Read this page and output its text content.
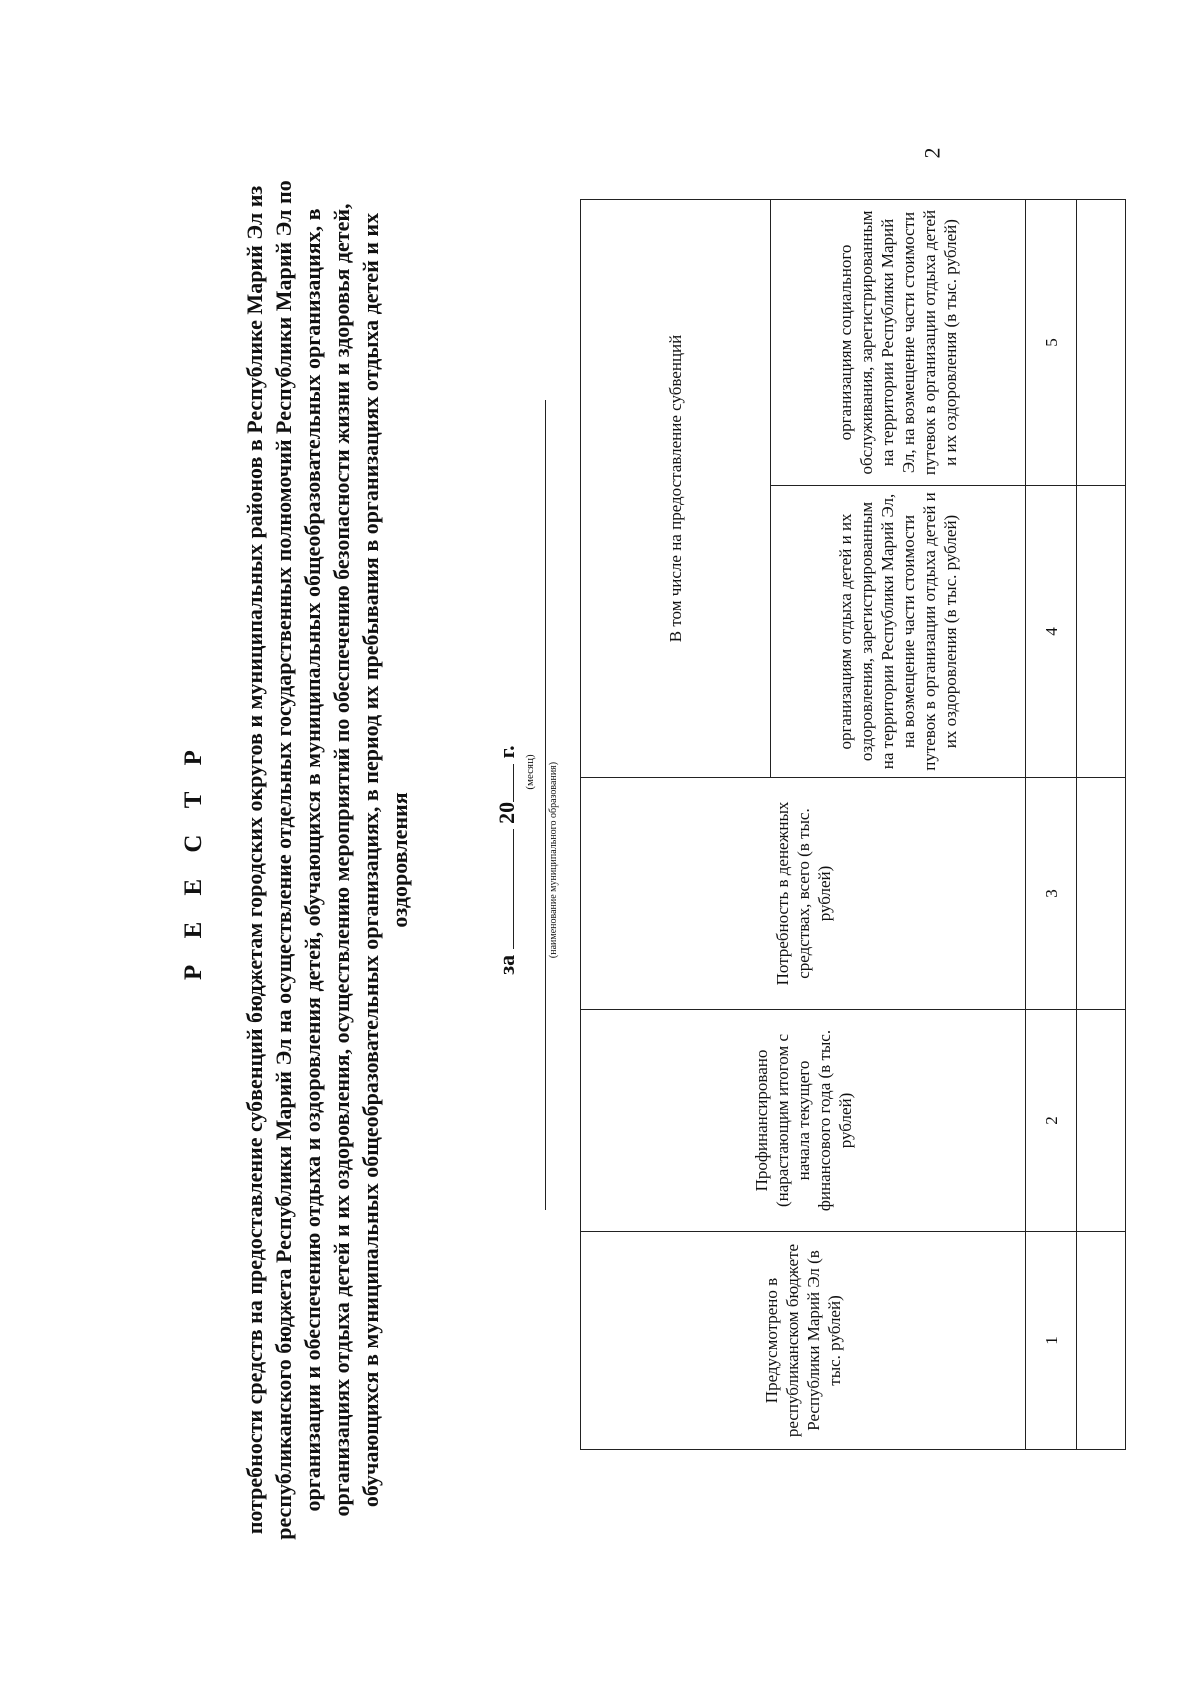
2
Р Е Е С Т Р потребности средств на предоставление субвенций бюджетам городских округов и муниципальных районов в Республике Марий Эл из республиканского бюджета Республики Марий Эл на осуществление отдельных государственных полномочий Республики Марий Эл по организации и обеспечению отдыха и оздоровления детей, обучающихся в муниципальных общеобразовательных организациях, в организациях отдыха детей и их оздоровления, осуществлению мероприятий по обеспечению безопасности жизни и здоровья детей, обучающихся в муниципальных общеобразовательных организациях, в период их пребывания в организациях отдыха детей и их оздоровления
за  20 г.
(месяц) (наименование муниципального образования)
Предусмотрено в республиканском бюджете Республики Марий Эл (в тыс. рублей)	Профинансировано (нарастающим итогом с начала текущего финансового года (в тыс. рублей)	Потребность в денежных средствах, всего (в тыс. рублей)	В том числе на предоставление субвенций	
			организациям отдыха детей и их оздоровления, зарегистрированным на территории Республики Марий Эл, на возмещение части стоимости путевок в организации отдыха детей и их оздоровления (в тыс. рублей)	организациям социального обслуживания, зарегистрированным на территории Республики Марий Эл, на возмещение части стоимости путевок в организации отдыха детей и их оздоровления (в тыс. рублей)
1	2	3	4	5
